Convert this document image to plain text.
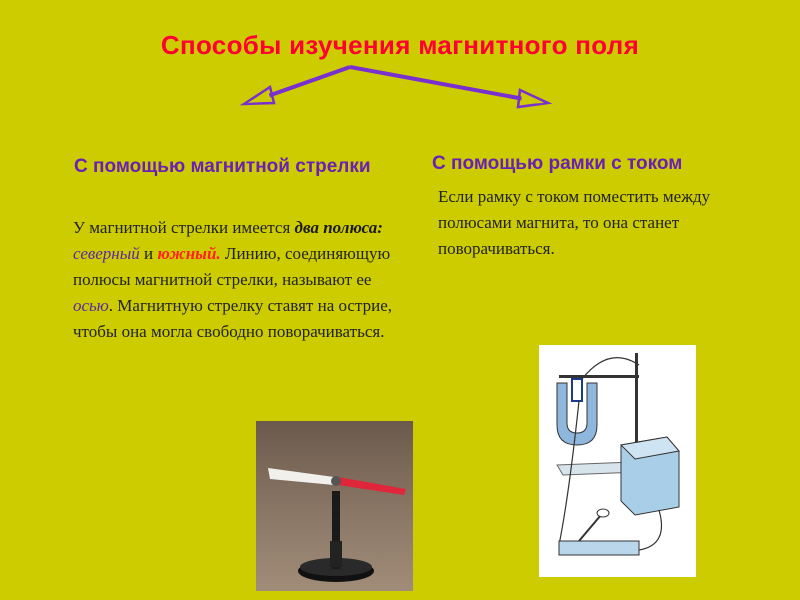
Способы изучения магнитного поля
С помощью магнитной стрелки	С помощью рамки с током
У магнитной стрелки имеется два полюса: северный и южный. Линию, соединяющую полюсы магнитной стрелки, называют ее осью. Магнитную стрелку ставят на острие, чтобы она могла свободно поворачиваться.
Если рамку с током поместить между полюсами магнита, то она станет поворачиваться.
